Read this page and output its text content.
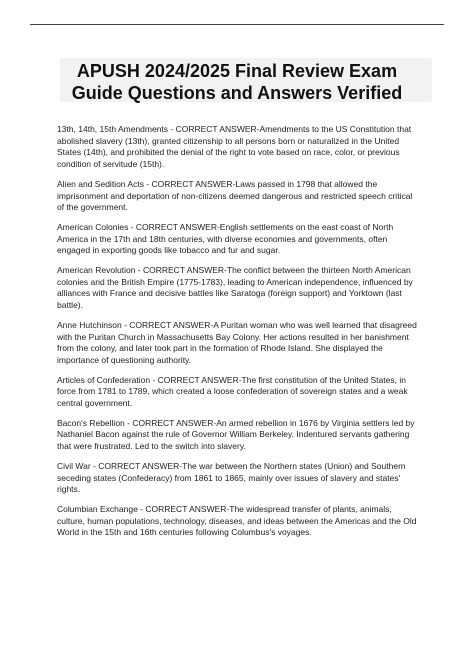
APUSH 2024/2025 Final Review Exam
Guide Questions and Answers Verified

13th, 14th, 15th Amendments - CORRECT ANSWER-Amendments to the US Constitution that abolished slavery (13th), granted citizenship to all persons born or naturalized in the United States (14th), and prohibited the denial of the right to vote based on race, color, or previous condition of servitude (15th).

Alien and Sedition Acts - CORRECT ANSWER-Laws passed in 1798 that allowed the imprisonment and deportation of non-citizens deemed dangerous and restricted speech critical of the government.

American Colonies - CORRECT ANSWER-English settlements on the east coast of North America in the 17th and 18th centuries, with diverse economies and governments, often engaged in exporting goods like tobacco and fur and sugar.

American Revolution - CORRECT ANSWER-The conflict between the thirteen North American colonies and the British Empire (1775-1783), leading to American independence, influenced by alliances with France and decisive battles like Saratoga (foreign support) and Yorktown (last battle).

Anne Hutchinson - CORRECT ANSWER-A Puritan woman who was well learned that disagreed with the Puritan Church in Massachusetts Bay Colony. Her actions resulted in her banishment from the colony, and later took part in the formation of Rhode Island. She displayed the importance of questioning authority.

Articles of Confederation - CORRECT ANSWER-The first constitution of the United States, in force from 1781 to 1789, which created a loose confederation of sovereign states and a weak central government.

Bacon's Rebellion - CORRECT ANSWER-An armed rebellion in 1676 by Virginia settlers led by Nathaniel Bacon against the rule of Governor William Berkeley. Indentured servants gathering that were frustrated. Led to the switch into slavery.

Civil War - CORRECT ANSWER-The war between the Northern states (Union) and Southern seceding states (Confederacy) from 1861 to 1865, mainly over issues of slavery and states' rights.

Columbian Exchange - CORRECT ANSWER-The widespread transfer of plants, animals, culture, human populations, technology, diseases, and ideas between the Americas and the Old World in the 15th and 16th centuries following Columbus's voyages.
